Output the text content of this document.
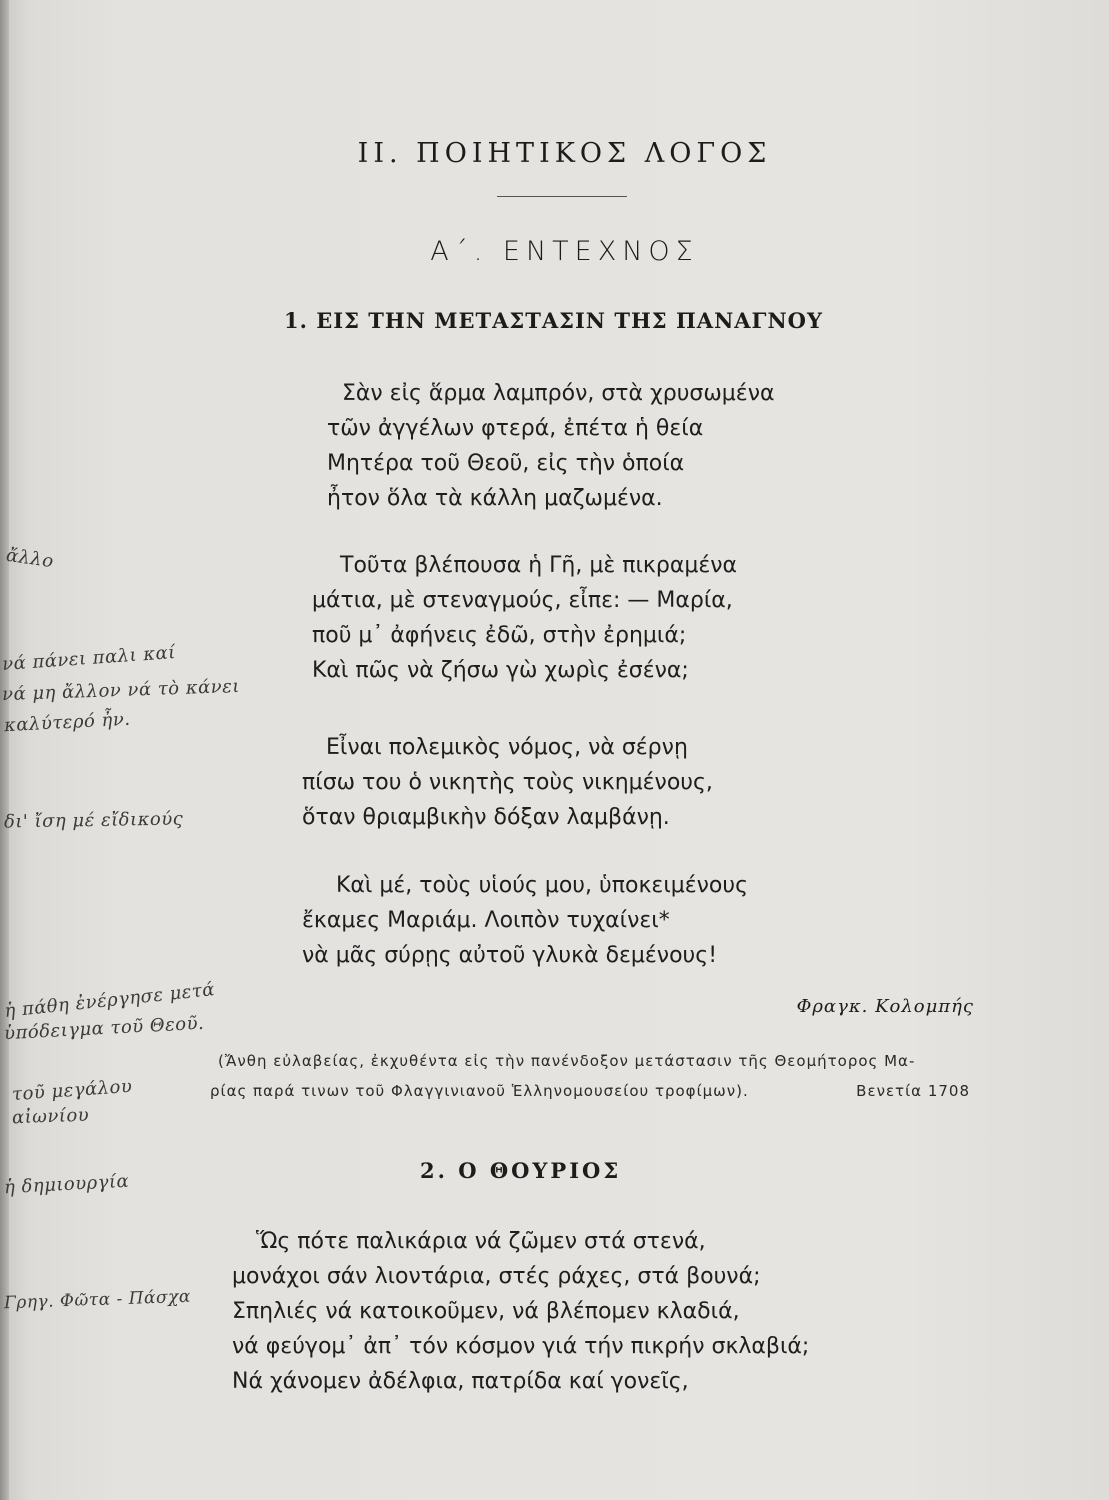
ΙΙ. ΠΟΙΗΤΙΚΟΣ ΛΟΓΟΣ
Α΄. ΕΝΤΕΧΝΟΣ
1. ΕΙΣ ΤΗΝ ΜΕΤΑΣΤΑΣΙΝ ΤΗΣ ΠΑΝΑΓΝΟΥ
Σὰν εἰς ἅρμα λαμπρόν, στὰ χρυσωμένα
τῶν ἀγγέλων φτερά, ἐπέτα ἡ θεία
Μητέρα τοῦ Θεοῦ, εἰς τὴν ὁποία
ἦτον ὅλα τὰ κάλλη μαζωμένα.
Τοῦτα βλέπουσα ἡ Γῆ, μὲ πικραμένα
μάτια, μὲ στεναγμούς, εἶπε: — Μαρία,
ποῦ μ᾽ ἀφήνεις ἐδῶ, στὴν ἐρημιά;
Καὶ πῶς νὰ ζήσω γὼ χωρὶς ἐσένα;
Εἶναι πολεμικὸς νόμος, νὰ σέρνῃ
πίσω του ὁ νικητὴς τοὺς νικημένους,
ὅταν θριαμβικὴν δόξαν λαμβάνῃ.
Καὶ μέ, τοὺς υἱούς μου, ὑποκειμένους
ἔκαμες Μαριάμ. Λοιπὸν τυχαίνει*
νὰ μᾶς σύρῃς αὐτοῦ γλυκὰ δεμένους!
Φραγκ. Κολομπής
(Ἄνθη εὐλαβείας, ἐκχυθέντα εἰς τὴν πανένδοξον μετάστασιν τῆς Θεομήτορος Μα-
ρίας παρά τινων τοῦ Φλαγγινιανοῦ Ἑλληνομουσείου τροφίμων).	Βενετία 1708
2. Ο ΘΟΥΡΙΟΣ
Ὥς πότε παλικάρια νά ζῶμεν στά στενά,
μονάχοι σάν λιοντάρια, στές ράχες, στά βουνά;
Σπηλιές νά κατοικοῦμεν, νά βλέπομεν κλαδιά,
νά φεύγομ᾽ ἀπ᾽ τόν κόσμον γιά τήν πικρήν σκλαβιά;
Νά χάνομεν ἀδέλφια, πατρίδα καί γονεῖς,
ἄλλο
νά πάνει παλι καί
νά μη ἄλλον νά τὸ κάνει
καλύτερό ἦν.
δι' ἴση μέ εἴδικούς
ἡ πάθη ἐνέργησε μετά
ὑπόδειγμα τοῦ Θεοῦ.
τοῦ μεγάλου
αἰωνίου
ἡ δημιουργία
Γρηγ. Φῶτα - Πάσχα
